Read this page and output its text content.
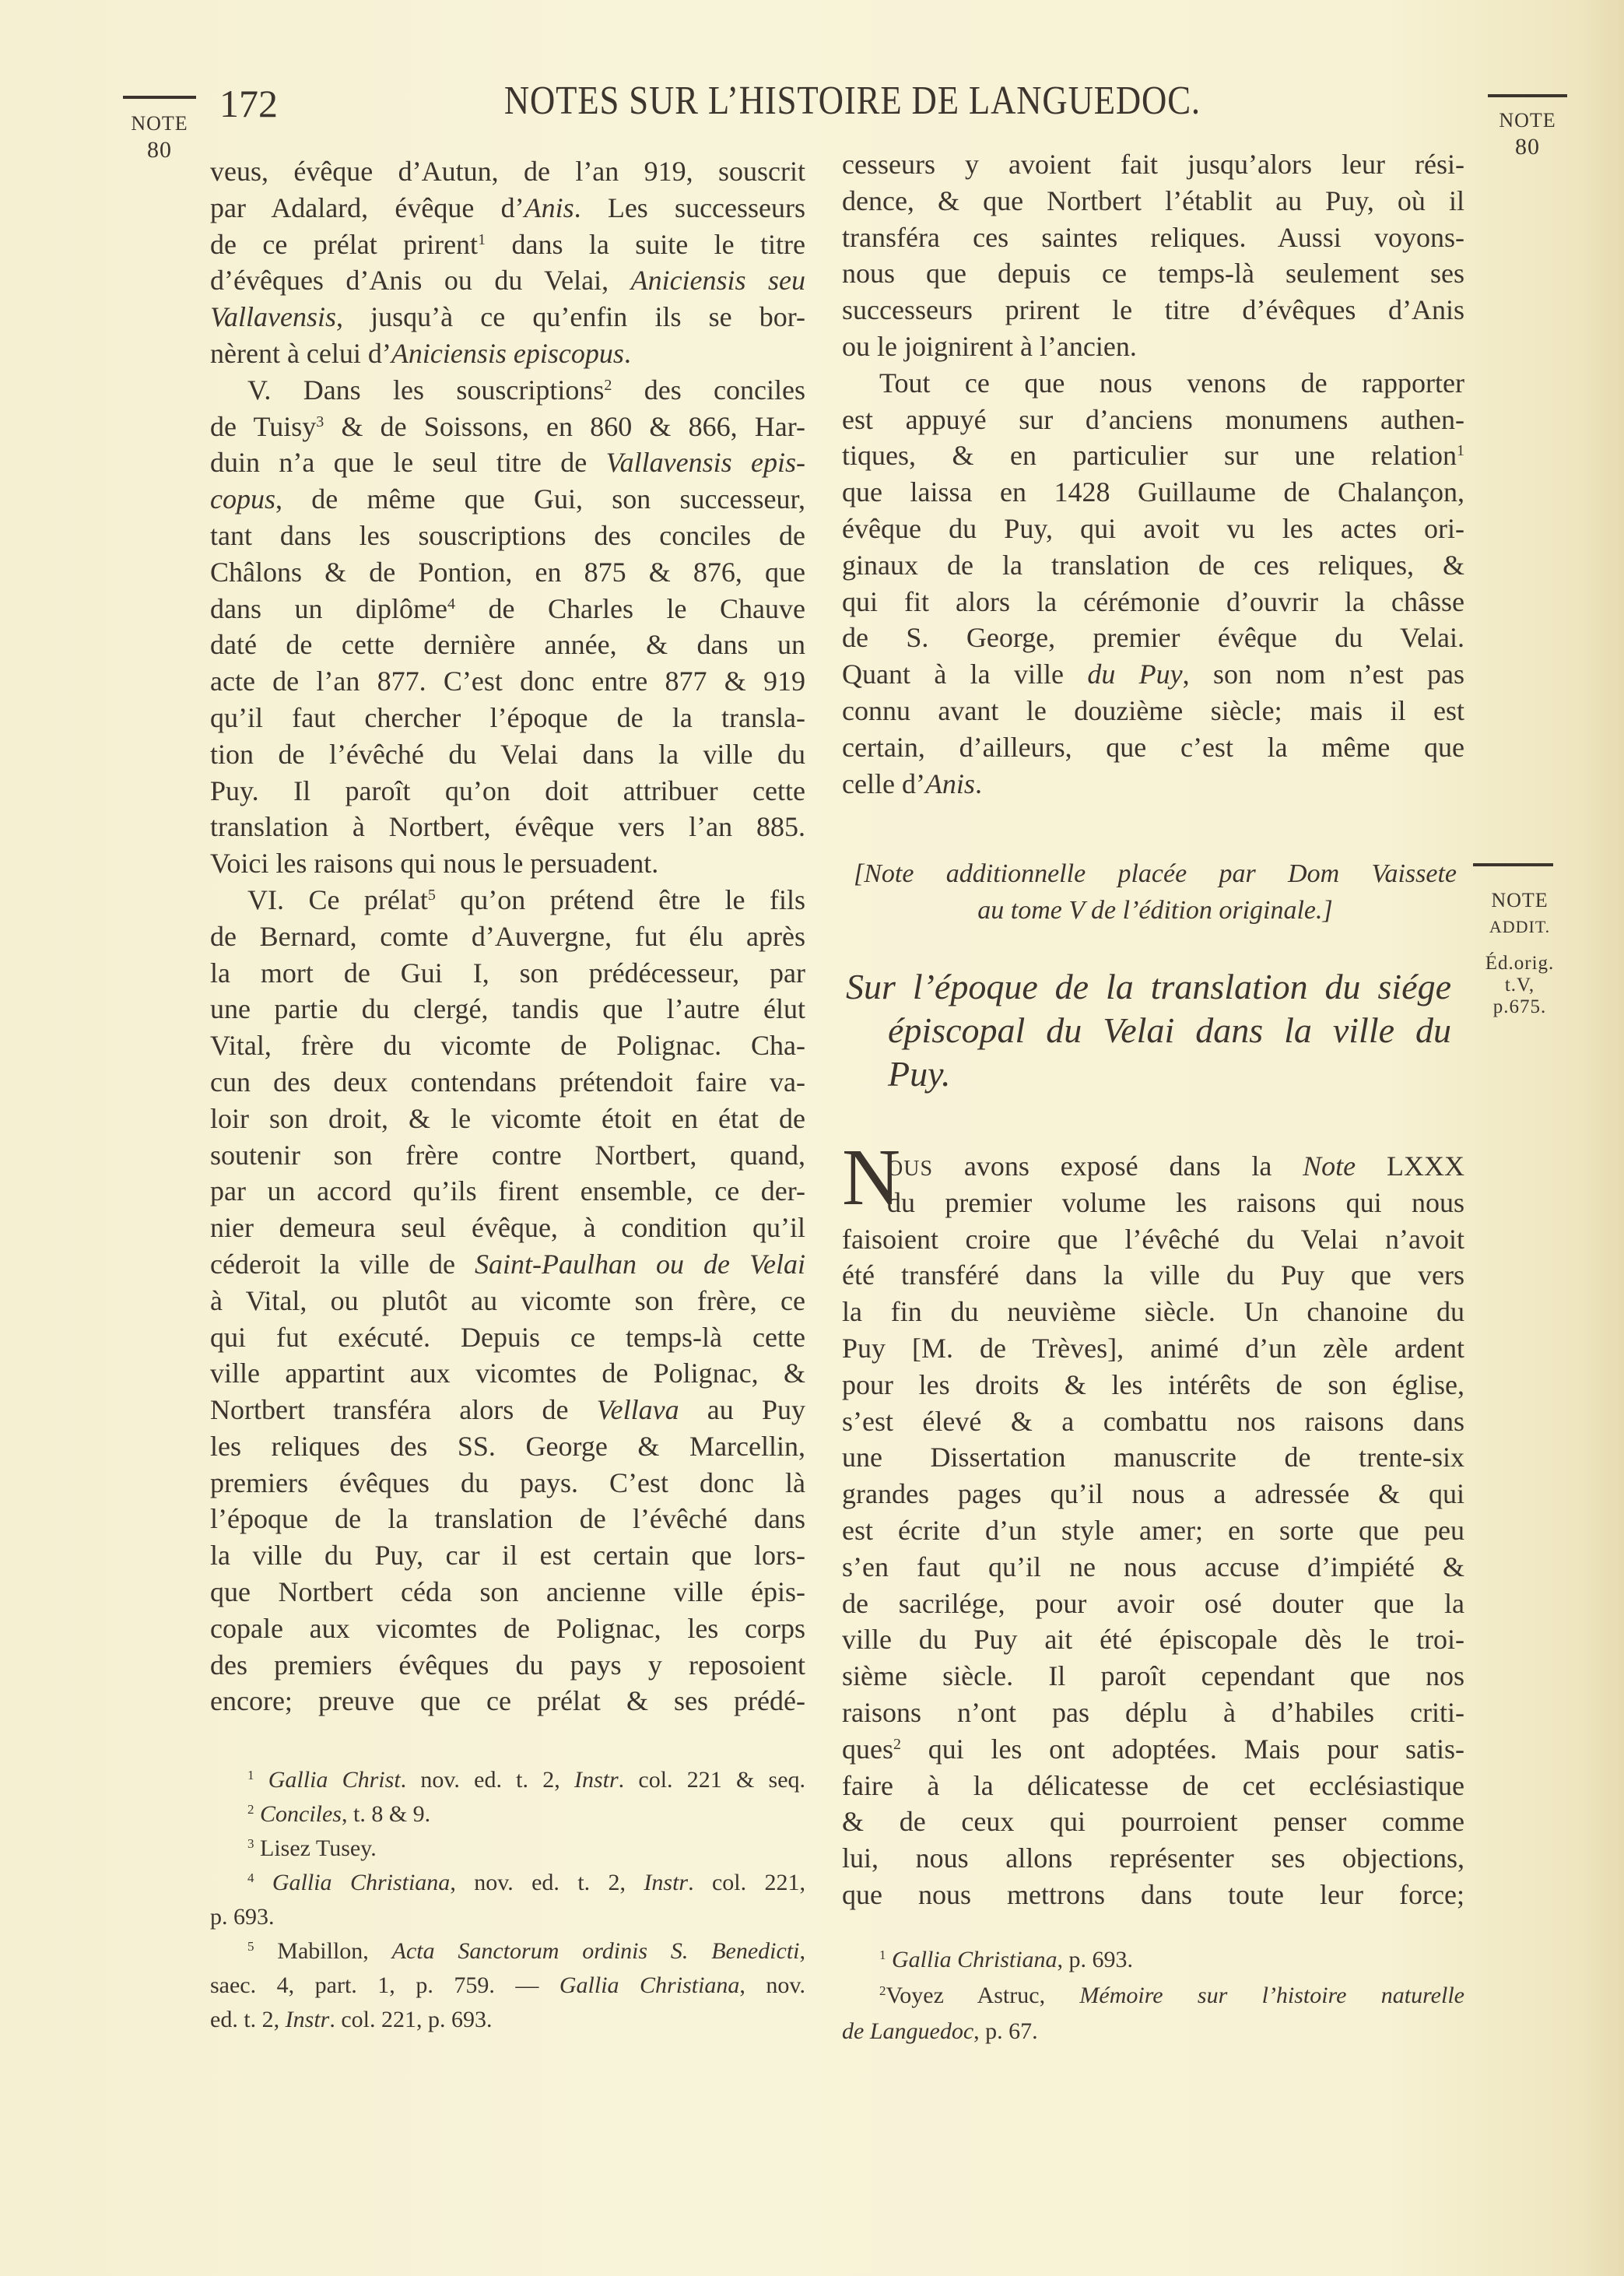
172	NOTES SUR L’HISTOIRE DE LANGUEDOC.
NOTE
80
NOTE
80
NOTE
ADDIT.
Éd.orig.
t.V,
p.675.
veus, évêque d’Autun, de l’an 919, souscrit
par Adalard, évêque d’Anis. Les successeurs
de ce prélat prirent$^1$ dans la suite le titre
d’évêques d’Anis ou du Velai, Aniciensis seu
Vallavensis, jusqu’à ce qu’enfin ils se bor-
nèrent à celui d’Aniciensis episcopus.
V. Dans les souscriptions$^2$ des conciles
de Tuisy$^3$ & de Soissons, en 860 & 866, Har-
duin n’a que le seul titre de Vallavensis epis-
copus, de même que Gui, son successeur,
tant dans les souscriptions des conciles de
Châlons & de Pontion, en 875 & 876, que
dans un diplôme$^4$ de Charles le Chauve
daté de cette dernière année, & dans un
acte de l’an 877. C’est donc entre 877 & 919
qu’il faut chercher l’époque de la transla-
tion de l’évêché du Velai dans la ville du
Puy. Il paroît qu’on doit attribuer cette
translation à Nortbert, évêque vers l’an 885.
Voici les raisons qui nous le persuadent.
VI. Ce prélat$^5$ qu’on prétend être le fils
de Bernard, comte d’Auvergne, fut élu après
la mort de Gui I, son prédécesseur, par
une partie du clergé, tandis que l’autre élut
Vital, frère du vicomte de Polignac. Cha-
cun des deux contendans prétendoit faire va-
loir son droit, & le vicomte étoit en état de
soutenir son frère contre Nortbert, quand,
par un accord qu’ils firent ensemble, ce der-
nier demeura seul évêque, à condition qu’il
céderoit la ville de Saint-Paulhan ou de Velai
à Vital, ou plutôt au vicomte son frère, ce
qui fut exécuté. Depuis ce temps-là cette
ville appartint aux vicomtes de Polignac, &
Nortbert transféra alors de Vellava au Puy
les reliques des SS. George & Marcellin,
premiers évêques du pays. C’est donc là
l’époque de la translation de l’évêché dans
la ville du Puy, car il est certain que lors-
que Nortbert céda son ancienne ville épis-
copale aux vicomtes de Polignac, les corps
des premiers évêques du pays y reposoient
encore; preuve que ce prélat & ses prédé-
$^1$ Gallia Christ. nov. ed. t. 2, Instr. col. 221 & seq.
$^2$ Conciles, t. 8 & 9.
$^3$ Lisez Tusey.
$^4$ Gallia Christiana, nov. ed. t. 2, Instr. col. 221,
p. 693.
$^5$ Mabillon, Acta Sanctorum ordinis S. Benedicti,
saec. 4, part. 1, p. 759. — Gallia Christiana, nov.
ed. t. 2, Instr. col. 221, p. 693.
cesseurs y avoient fait jusqu’alors leur rési-
dence, & que Nortbert l’établit au Puy, où il
transféra ces saintes reliques. Aussi voyons-
nous que depuis ce temps-là seulement ses
successeurs prirent le titre d’évêques d’Anis
ou le joignirent à l’ancien.
Tout ce que nous venons de rapporter
est appuyé sur d’anciens monumens authen-
tiques, & en particulier sur une relation$^1$
que laissa en 1428 Guillaume de Chalançon,
évêque du Puy, qui avoit vu les actes ori-
ginaux de la translation de ces reliques, &
qui fit alors la cérémonie d’ouvrir la châsse
de S. George, premier évêque du Velai.
Quant à la ville du Puy, son nom n’est pas
connu avant le douzième siècle; mais il est
certain, d’ailleurs, que c’est la même que
celle d’Anis.
[Note additionnelle placée par Dom Vaissete
au tome V de l’édition originale.]
Sur l’époque de la translation du siége
épiscopal du Velai dans la ville du
Puy.
N
OUS avons exposé dans la Note LXXX
du premier volume les raisons qui nous
faisoient croire que l’évêché du Velai n’avoit
été transféré dans la ville du Puy que vers
la fin du neuvième siècle. Un chanoine du
Puy [M. de Trèves], animé d’un zèle ardent
pour les droits & les intérêts de son église,
s’est élevé & a combattu nos raisons dans
une Dissertation manuscrite de trente-six
grandes pages qu’il nous a adressée & qui
est écrite d’un style amer; en sorte que peu
s’en faut qu’il ne nous accuse d’impiété &
de sacrilége, pour avoir osé douter que la
ville du Puy ait été épiscopale dès le troi-
sième siècle. Il paroît cependant que nos
raisons n’ont pas déplu à d’habiles criti-
ques$^2$ qui les ont adoptées. Mais pour satis-
faire à la délicatesse de cet ecclésiastique
& de ceux qui pourroient penser comme
lui, nous allons représenter ses objections,
que nous mettrons dans toute leur force;
$^1$ Gallia Christiana, p. 693.
$^2$Voyez Astruc, Mémoire sur l’histoire naturelle
de Languedoc, p. 67.
